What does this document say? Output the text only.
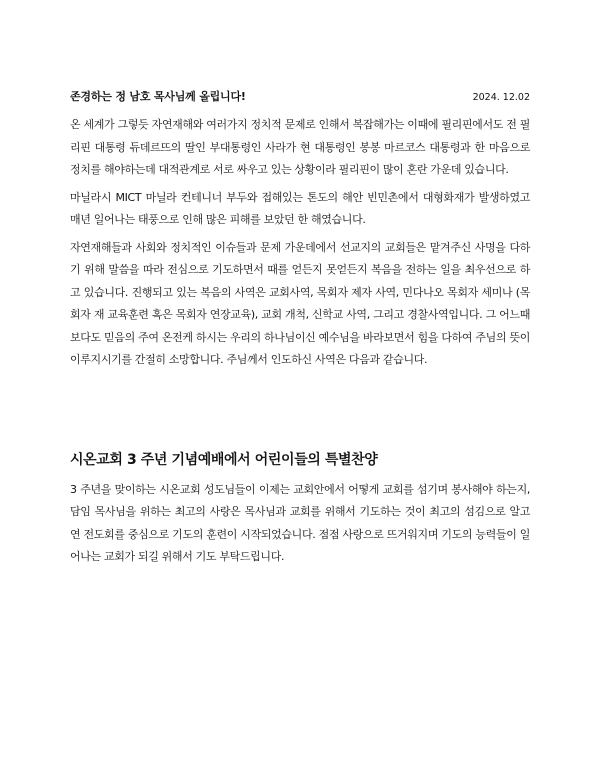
존경하는 정 남호 목사님께 올립니다!	2024. 12.02

온 세계가 그렇듯 자연재해와 여러가지 정치적 문제로 인해서 복잡해가는 이때에 필리핀에서도 전 필리핀 대통령 듀데르뜨의 딸인 부대통령인 사라가 현 대통령인 봉봉 마르코스 대통령과 한 마음으로 정치를 해야하는데 대적관계로 서로 싸우고 있는 상황이라 필리핀이 많이 혼란 가운데 있습니다.

마닐라시 MICT 마닐라 컨테니너 부두와 접해있는 톤도의 해안 빈민촌에서 대형화재가 발생하였고 매년 일어나는 태풍으로 인해 많은 피해를 보았던 한 해였습니다.

자연재해들과 사회와 정치적인 이슈들과 문제 가운데에서 선교지의 교회들은 맡겨주신 사명을 다하기 위해 말씀을 따라 전심으로 기도하면서 때를 얻든지 못얻든지 복음을 전하는 일을 최우선으로 하고 있습니다. 진행되고 있는 복음의 사역은 교회사역, 목회자 제자 사역, 민다나오 목회자 세미나 (목회자 재 교육훈련 혹은 목회자 연장교육), 교회 개척, 신학교 사역, 그리고 경찰사역입니다. 그 어느때 보다도 믿음의 주여 온전케 하시는 우리의 하나님이신 예수님을 바라보면서 힘을 다하여 주님의 뜻이 이루지시기를 간절히 소망합니다. 주님께서 인도하신 사역은 다음과 같습니다.

시온교회 3 주년 기념예배에서 어린이들의 특별찬양

3 주년을 맞이하는 시온교회 성도님들이 이제는 교회안에서 어떻게 교회를 섬기며 봉사해야 하는지, 담임 목사님을 위하는 최고의 사랑은 목사님과 교회를 위해서 기도하는 것이 최고의 섬김으로 알고 연 전도회를 중심으로 기도의 훈련이 시작되었습니다. 점점 사랑으로 뜨거워지며 기도의 능력들이 일어나는 교회가 되길 위해서 기도 부탁드립니다.
